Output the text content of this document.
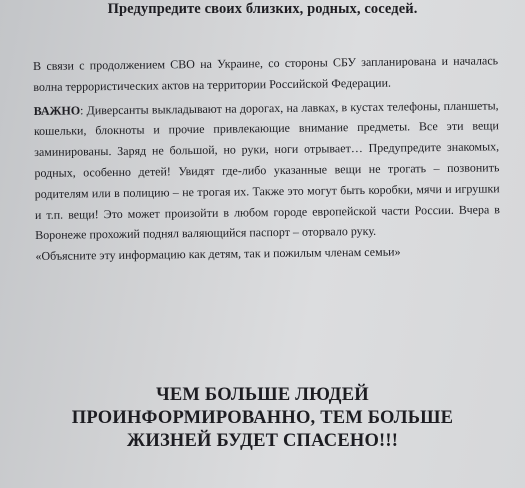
Предупредите своих близких, родных, соседей.

В связи с продолжением СВО на Украине, со стороны СБУ запланирована и началась волна террористических актов на территории Российской Федерации.

ВАЖНО: Диверсанты выкладывают на дорогах, на лавках, в кустах телефоны, планшеты, кошельки, блокноты и прочие привлекающие внимание предметы. Все эти вещи заминированы. Заряд не большой, но руки, ноги отрывает… Предупредите знакомых, родных, особенно детей! Увидят где-либо указанные вещи не трогать – позвонить родителям или в полицию – не трогая их. Также это могут быть коробки, мячи и игрушки и т.п. вещи! Это может произойти в любом городе европейской части России. Вчера в Воронеже прохожий поднял валяющийся паспорт – оторвало руку.

«Объясните эту информацию как детям, так и пожилым членам семьи»

ЧЕМ БОЛЬШЕ ЛЮДЕЙ
ПРОИНФОРМИРОВАННО, ТЕМ БОЛЬШЕ
ЖИЗНЕЙ БУДЕТ СПАСЕНО!!!
